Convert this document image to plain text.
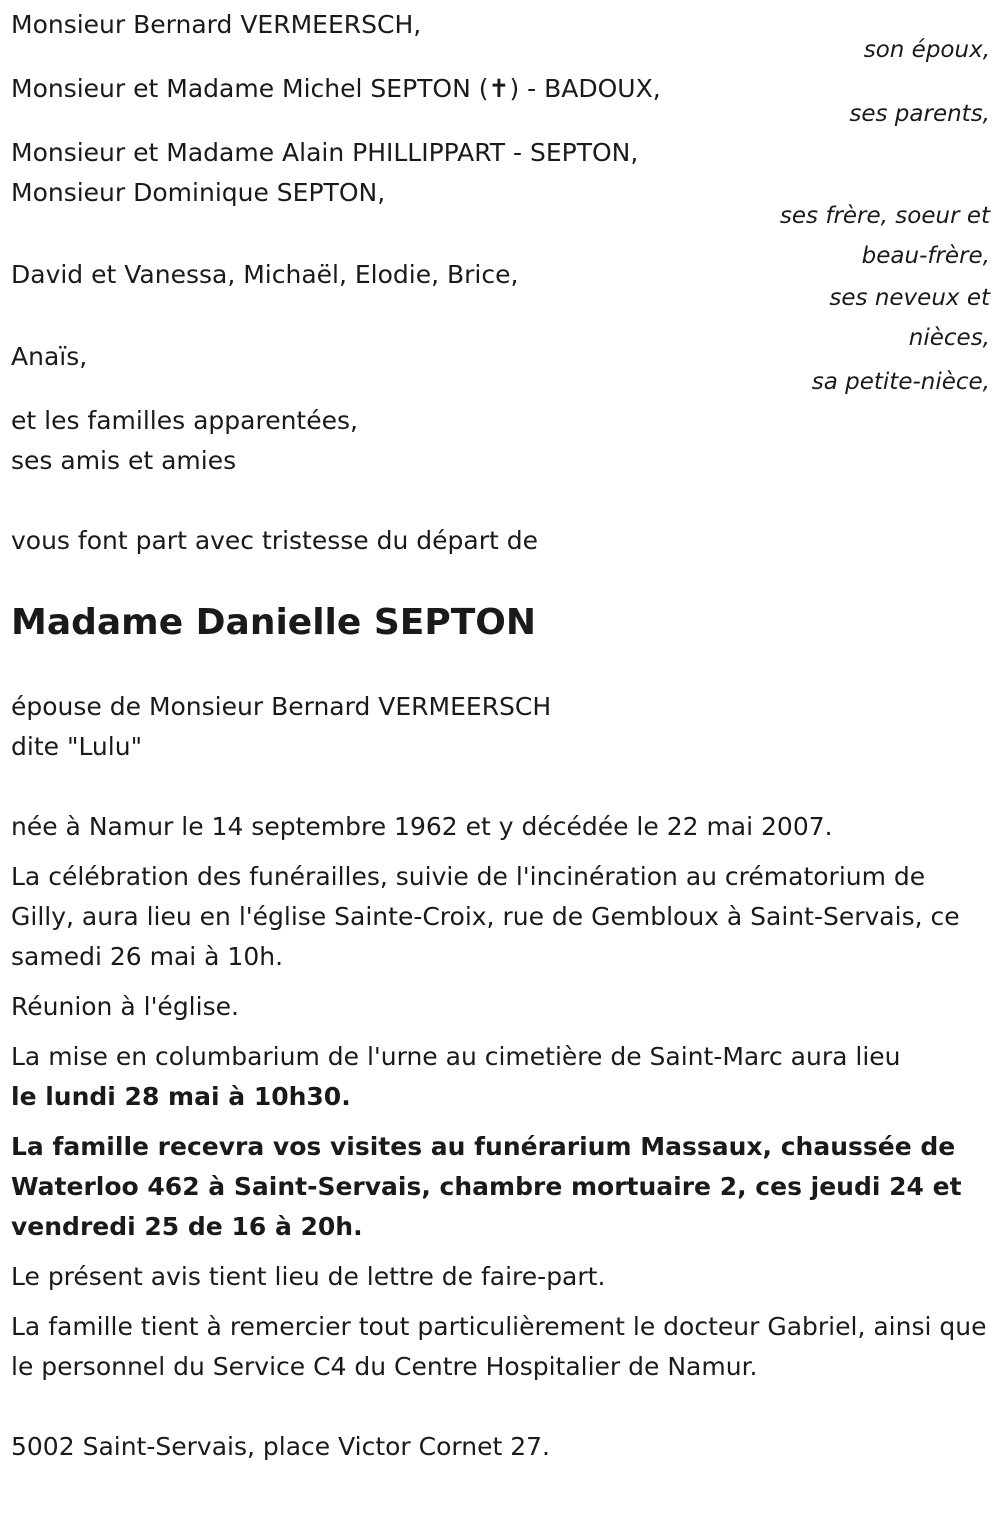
Monsieur Bernard VERMEERSCH,
son époux,
Monsieur et Madame Michel SEPTON (✝) - BADOUX,
ses parents,
Monsieur et Madame Alain PHILLIPPART - SEPTON,
Monsieur Dominique SEPTON,
ses frère, soeur et
beau-frère,
David et Vanessa, Michaël, Elodie, Brice,
ses neveux et
nièces,
Anaïs,
sa petite-nièce,
et les familles apparentées,
ses amis et amies
vous font part avec tristesse du départ de
Madame Danielle SEPTON
épouse de Monsieur Bernard VERMEERSCH
dite "Lulu"

née à Namur le 14 septembre 1962 et y décédée le 22 mai 2007.

La célébration des funérailles, suivie de l'incinération au crématorium de Gilly, aura lieu en l'église Sainte-Croix, rue de Gembloux à Saint-Servais, ce samedi 26 mai à 10h.

Réunion à l'église.

La mise en columbarium de l'urne au cimetière de Saint-Marc aura lieu
le lundi 28 mai à 10h30.

La famille recevra vos visites au funérarium Massaux, chaussée de Waterloo 462 à Saint-Servais, chambre mortuaire 2, ces jeudi 24 et vendredi 25 de 16 à 20h.

Le présent avis tient lieu de lettre de faire-part.

La famille tient à remercier tout particulièrement le docteur Gabriel, ainsi que le personnel du Service C4 du Centre Hospitalier de Namur.

5002 Saint-Servais, place Victor Cornet 27.
